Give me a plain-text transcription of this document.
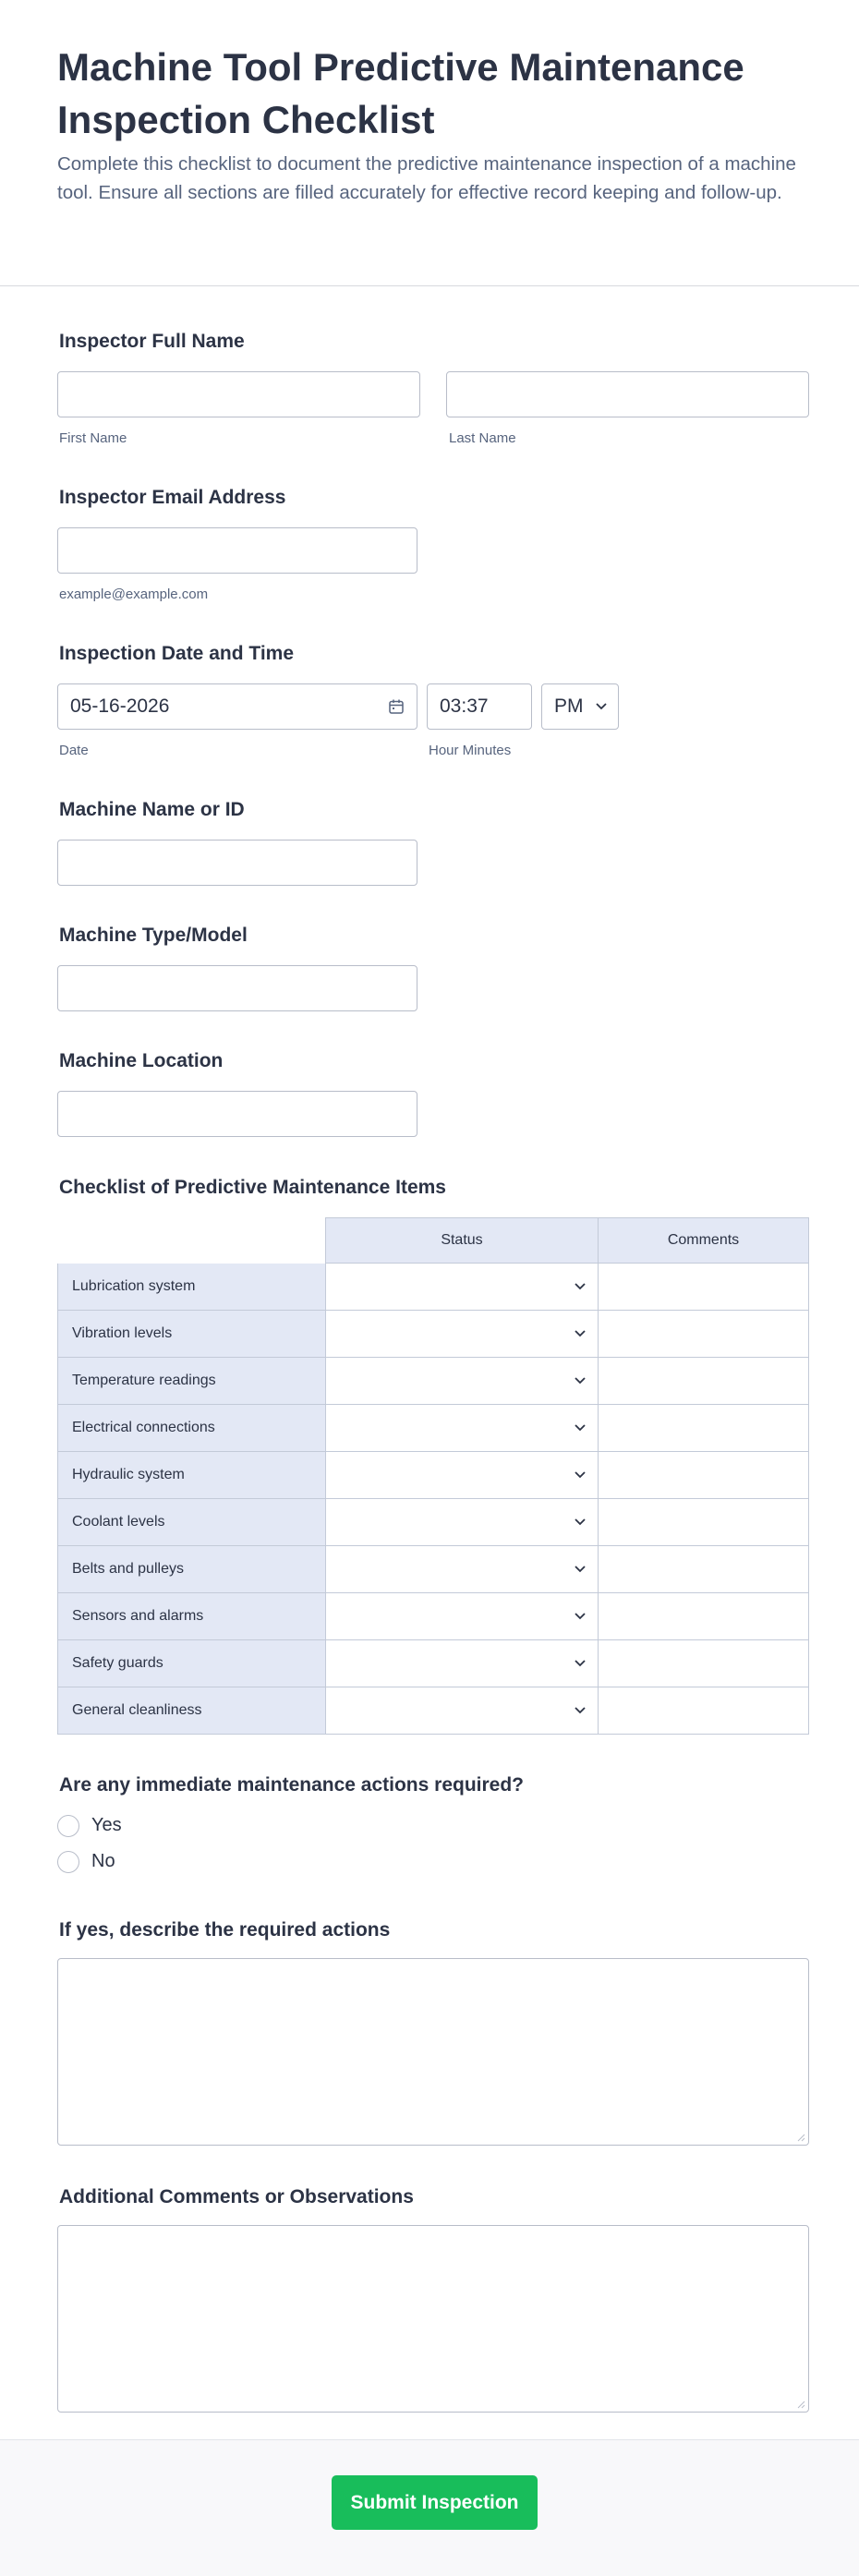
Machine Tool Predictive Maintenance Inspection Checklist

Complete this checklist to document the predictive maintenance inspection of a machine tool. Ensure all sections are filled accurately for effective record keeping and follow-up.

Inspector Full Name
First Name	Last Name
Inspector Email Address
example@example.com
Inspection Date and Time
05-16-2026	03:37	PM
Date	Hour Minutes
Machine Name or ID
Machine Type/Model
Machine Location
Checklist of Predictive Maintenance Items
Status	Comments
Lubrication system
Vibration levels
Temperature readings
Electrical connections
Hydraulic system
Coolant levels
Belts and pulleys
Sensors and alarms
Safety guards
General cleanliness
Are any immediate maintenance actions required?
Yes
No
If yes, describe the required actions
Additional Comments or Observations
Submit Inspection
